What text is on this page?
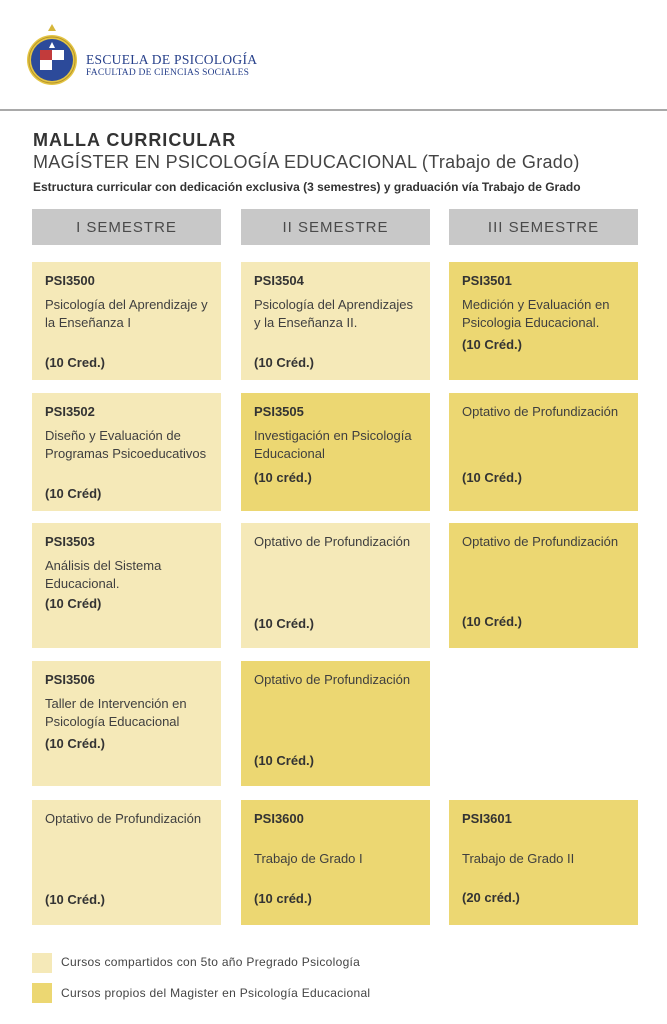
ESCUELA DE PSICOLOGÍA
FACULTAD DE CIENCIAS SOCIALES
MALLA CURRICULAR
MAGÍSTER EN PSICOLOGÍA EDUCACIONAL (Trabajo de Grado)
Estructura curricular con dedicación exclusiva (3 semestres) y graduación vía Trabajo de Grado
I SEMESTRE	II SEMESTRE	III SEMESTRE
PSI3500
Psicología del Aprendizaje y la Enseñanza I
(10 Cred.)
PSI3504
Psicología del Aprendizajes y la Enseñanza II.
(10 Créd.)
PSI3501
Medición y Evaluación en Psicologia Educacional.
(10 Créd.)
PSI3502
Diseño y Evaluación de Programas Psicoeducativos
(10 Créd)
PSI3505
Investigación en Psicología Educacional
(10 créd.)
Optativo de Profundización
(10 Créd.)
PSI3503
Análisis del Sistema Educacional.
(10 Créd)
Optativo de Profundización
(10 Créd.)
Optativo de Profundización
(10 Créd.)
PSI3506
Taller de Intervención en Psicología Educacional
(10 Créd.)
Optativo de Profundización
(10 Créd.)
Optativo de Profundización
(10 Créd.)
PSI3600
Trabajo de Grado I
(10 créd.)
PSI3601
Trabajo de Grado II
(20 créd.)
Cursos compartidos con 5to año Pregrado Psicología
Cursos propios del Magister en Psicología Educacional
